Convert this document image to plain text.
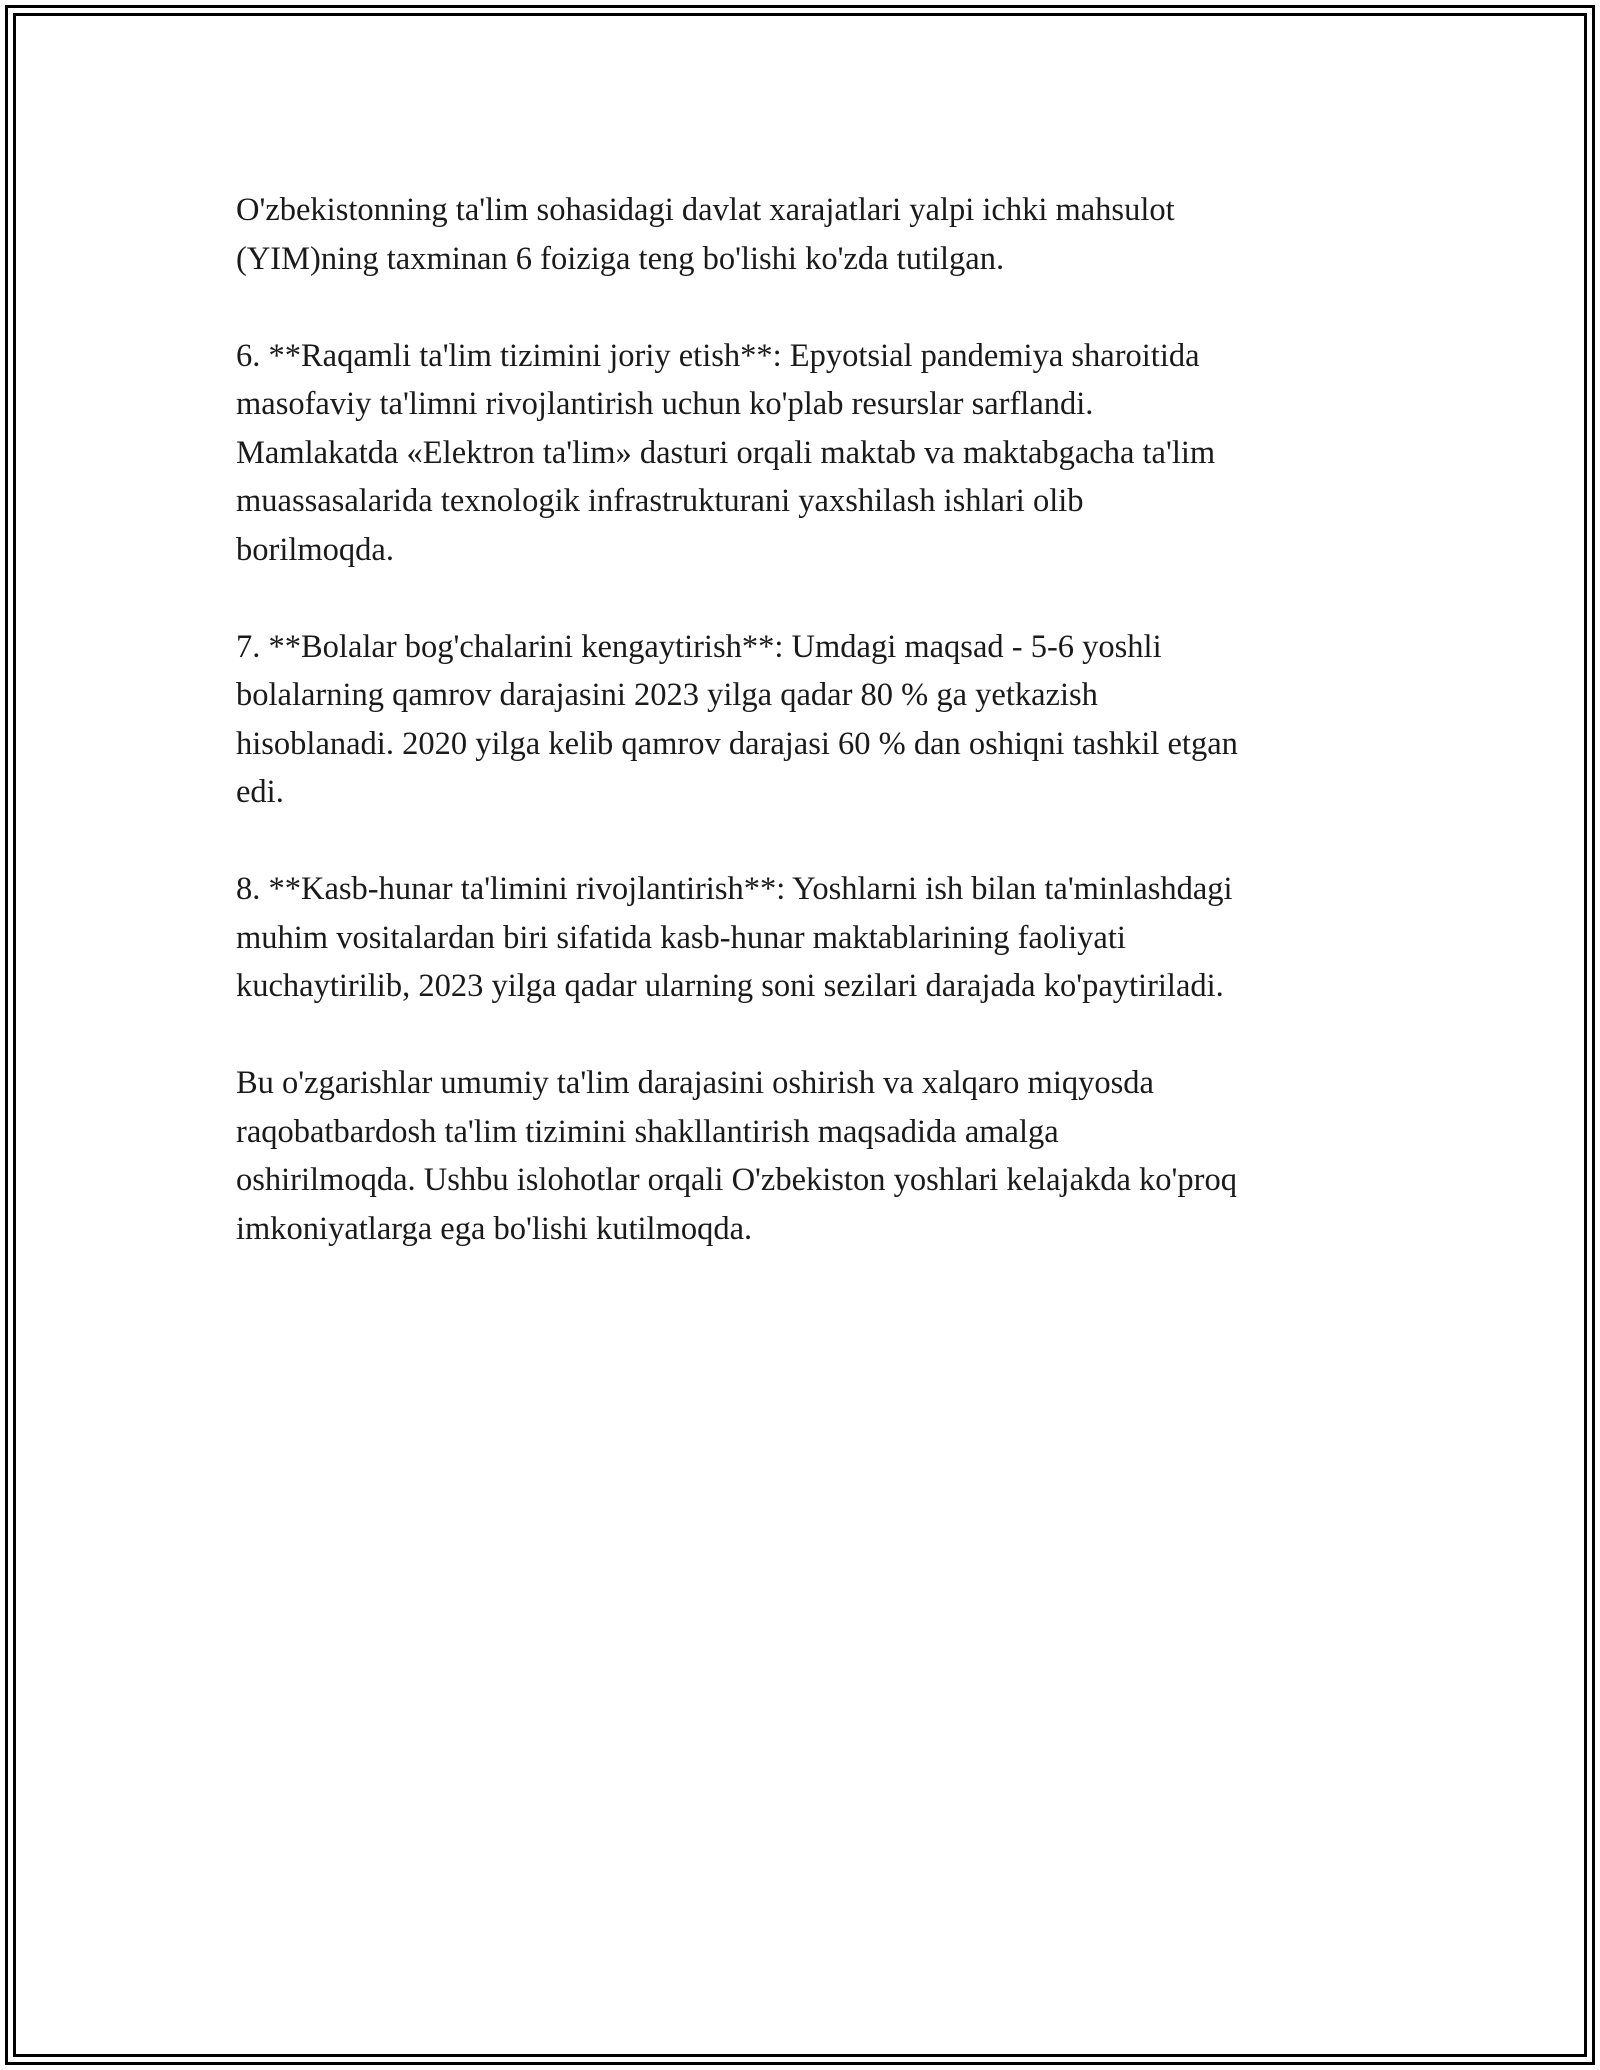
O'zbekistonning ta'lim sohasidagi davlat xarajatlari yalpi ichki mahsulot
(YIM)ning taxminan 6 foiziga teng bo'lishi ko'zda tutilgan.

6. **Raqamli ta'lim tizimini joriy etish**: Epyotsial pandemiya sharoitida
masofaviy ta'limni rivojlantirish uchun ko'plab resurslar sarflandi.
Mamlakatda «Elektron ta'lim» dasturi orqali maktab va maktabgacha ta'lim
muassasalarida texnologik infrastrukturani yaxshilash ishlari olib
borilmoqda.

7. **Bolalar bog'chalarini kengaytirish**: Umdagi maqsad - 5-6 yoshli
bolalarning qamrov darajasini 2023 yilga qadar 80 % ga yetkazish
hisoblanadi. 2020 yilga kelib qamrov darajasi 60 % dan oshiqni tashkil etgan
edi.

8. **Kasb-hunar ta'limini rivojlantirish**: Yoshlarni ish bilan ta'minlashdagi
muhim vositalardan biri sifatida kasb-hunar maktablarining faoliyati
kuchaytirilib, 2023 yilga qadar ularning soni sezilari darajada ko'paytiriladi.

Bu o'zgarishlar umumiy ta'lim darajasini oshirish va xalqaro miqyosda
raqobatbardosh ta'lim tizimini shakllantirish maqsadida amalga
oshirilmoqda. Ushbu islohotlar orqali O'zbekiston yoshlari kelajakda ko'proq
imkoniyatlarga ega bo'lishi kutilmoqda.
